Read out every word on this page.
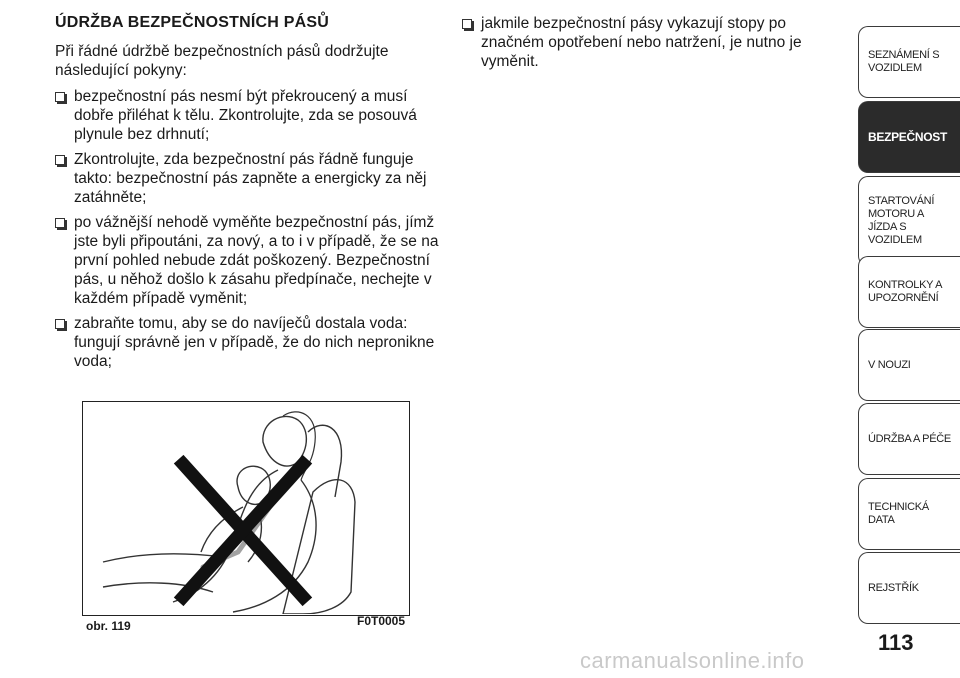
ÚDRŽBA BEZPEČNOSTNÍCH PÁSŮ

Při řádné údržbě bezpečnostních pásů dodržujte následující pokyny:

bezpečnostní pás nesmí být překroucený a musí dobře přiléhat k tělu. Zkontrolujte, zda se posouvá plynule bez drhnutí;
Zkontrolujte, zda bezpečnostní pás řádně funguje takto: bezpečnostní pás zapněte a energicky za něj zatáhněte;
po vážnější nehodě vyměňte bezpečnostní pás, jímž jste byli připoutáni, za nový, a to i v případě, že se na první pohled nebude zdát poškozený. Bezpečnostní pás, u něhož došlo k zásahu předpínače, nechejte v každém případě vyměnit;
zabraňte tomu, aby se do navíječů dostala voda: fungují správně jen v případě, že do nich nepronikne voda;
jakmile bezpečnostní pásy vykazují stopy po značném opotřebení nebo natržení, je nutno je vyměnit.
obr. 119	F0T0005
SEZNÁMENÍ S VOZIDLEM
BEZPEČNOST
STARTOVÁNÍ MOTORU A JÍZDA S VOZIDLEM
KONTROLKY A UPOZORNĚNÍ
V NOUZI
ÚDRŽBA A PÉČE
TECHNICKÁ DATA
REJSTŘÍK
113
carmanualsonline.info
